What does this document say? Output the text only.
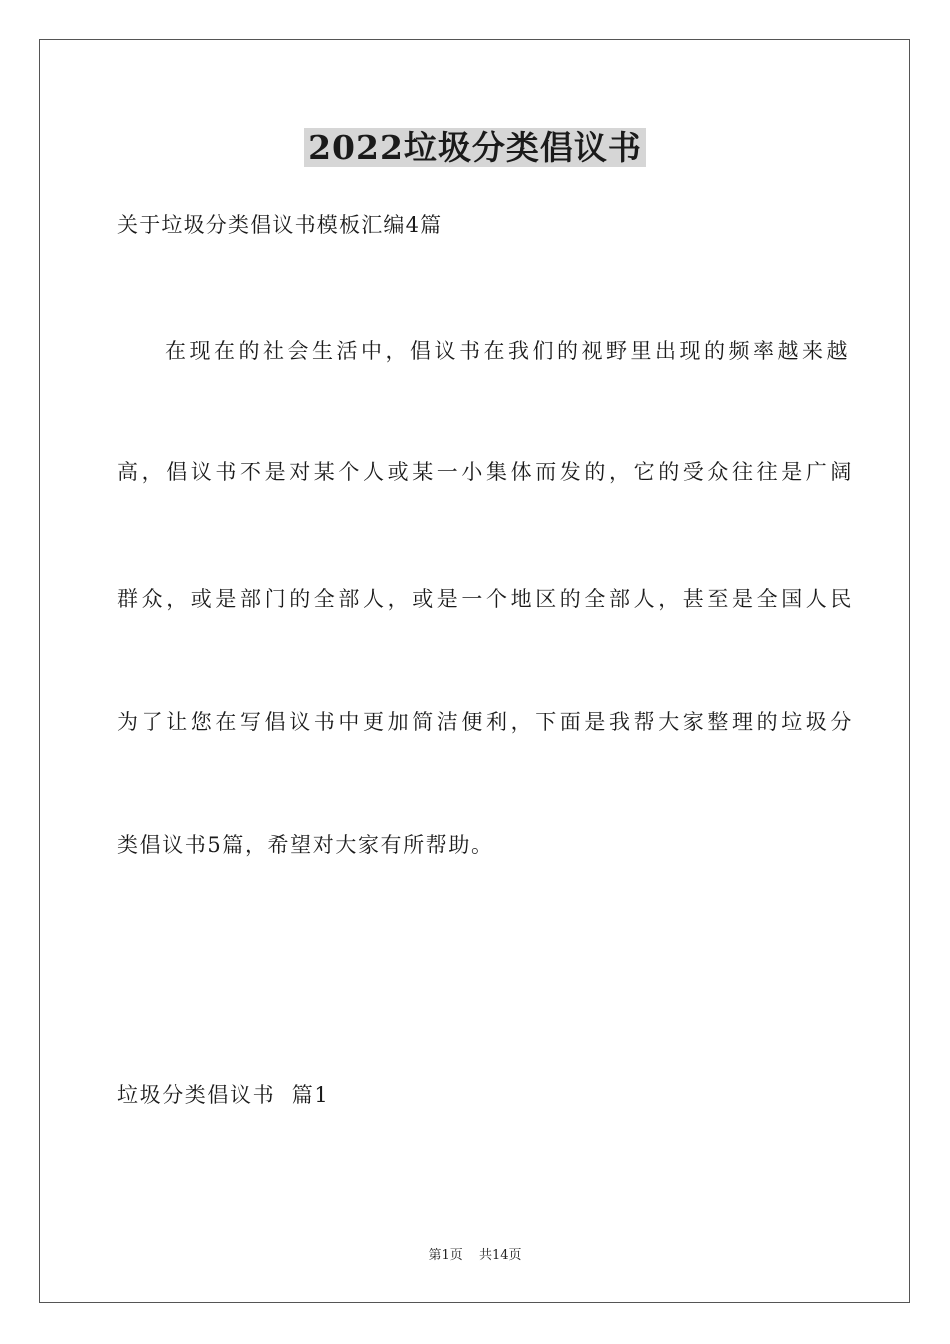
2022垃圾分类倡议书
关于垃圾分类倡议书模板汇编4篇
在现在的社会生活中，倡议书在我们的视野里出现的频率越来越
高，倡议书不是对某个人或某一小集体而发的，它的受众往往是广阔
群众，或是部门的全部人，或是一个地区的全部人，甚至是全国人民
为了让您在写倡议书中更加简洁便利，下面是我帮大家整理的垃圾分
类倡议书5篇，希望对大家有所帮助。
垃圾分类倡议书  篇1
第1页 共14页
